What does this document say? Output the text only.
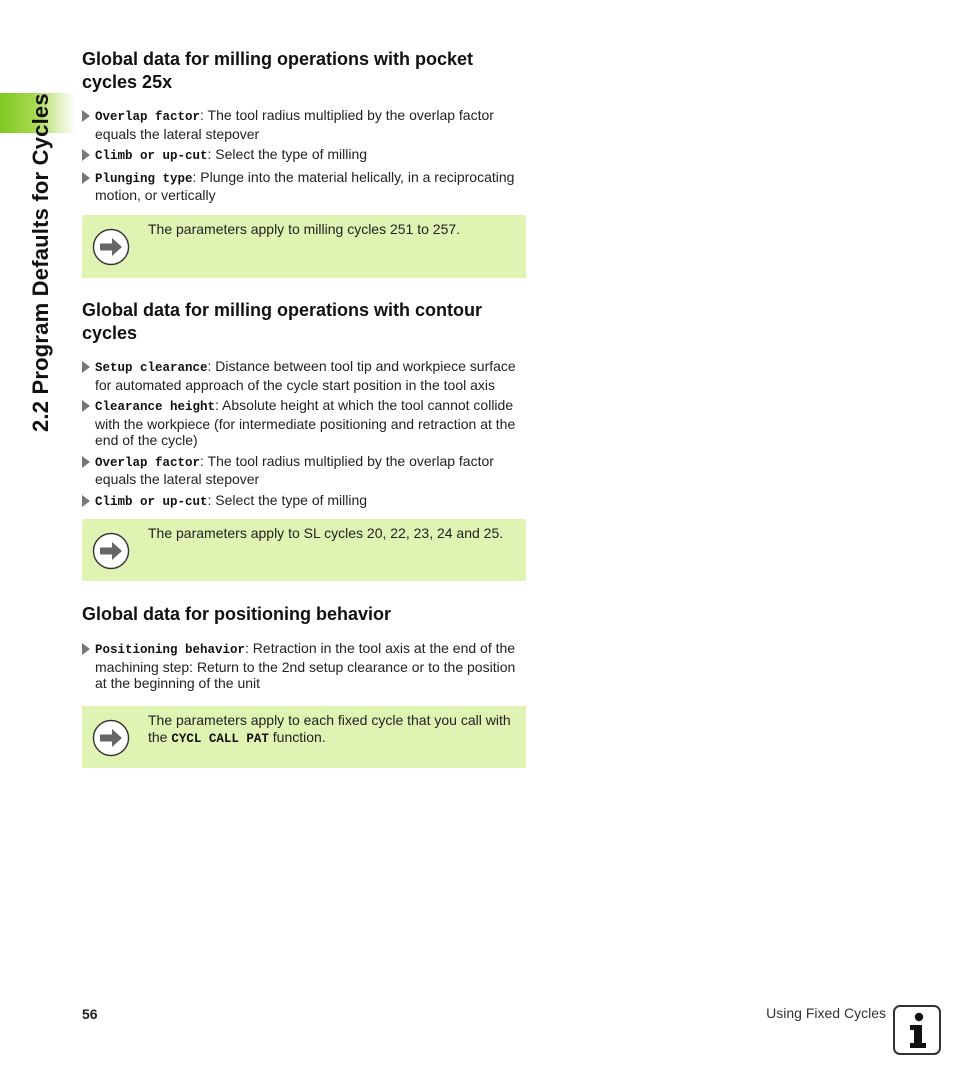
2.2 Program Defaults for Cycles
Global data for milling operations with pocket cycles 25x
Overlap factor: The tool radius multiplied by the overlap factor equals the lateral stepover
Climb or up-cut: Select the type of milling
Plunging type: Plunge into the material helically, in a reciprocating motion, or vertically
The parameters apply to milling cycles 251 to 257.
Global data for milling operations with contour cycles
Setup clearance: Distance between tool tip and workpiece surface for automated approach of the cycle start position in the tool axis
Clearance height: Absolute height at which the tool cannot collide with the workpiece (for intermediate positioning and retraction at the end of the cycle)
Overlap factor: The tool radius multiplied by the overlap factor equals the lateral stepover
Climb or up-cut: Select the type of milling
The parameters apply to SL cycles 20, 22, 23, 24 and 25.
Global data for positioning behavior
Positioning behavior: Retraction in the tool axis at the end of the machining step: Return to the 2nd setup clearance or to the position at the beginning of the unit
The parameters apply to each fixed cycle that you call with the CYCL CALL PAT function.
56	Using Fixed Cycles
